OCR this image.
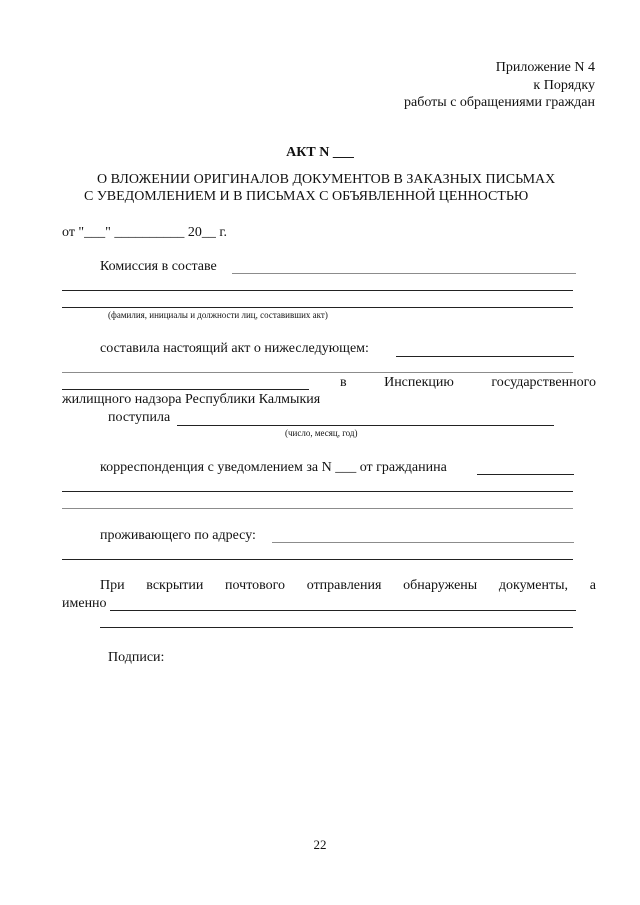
Приложение N 4
к Порядку
работы с обращениями граждан
АКТ N ___
О ВЛОЖЕНИИ ОРИГИНАЛОВ ДОКУМЕНТОВ В ЗАКАЗНЫХ ПИСЬМАХ
С УВЕДОМЛЕНИЕМ И В ПИСЬМАХ С ОБЪЯВЛЕННОЙ ЦЕННОСТЬЮ
от "___" __________ 20__ г.
Комиссия в составе
(фамилия, инициалы и должности лиц, составивших акт)
составила настоящий акт о нижеследующем:
в	Инспекцию	государственного
жилищного надзора Республики Калмыкия
поступила
(число, месяц, год)
корреспонденция с уведомлением за N ___ от гражданина
проживающего по адресу:
При вскрытии почтового отправления обнаружены документы, а
именно
Подписи:
22
